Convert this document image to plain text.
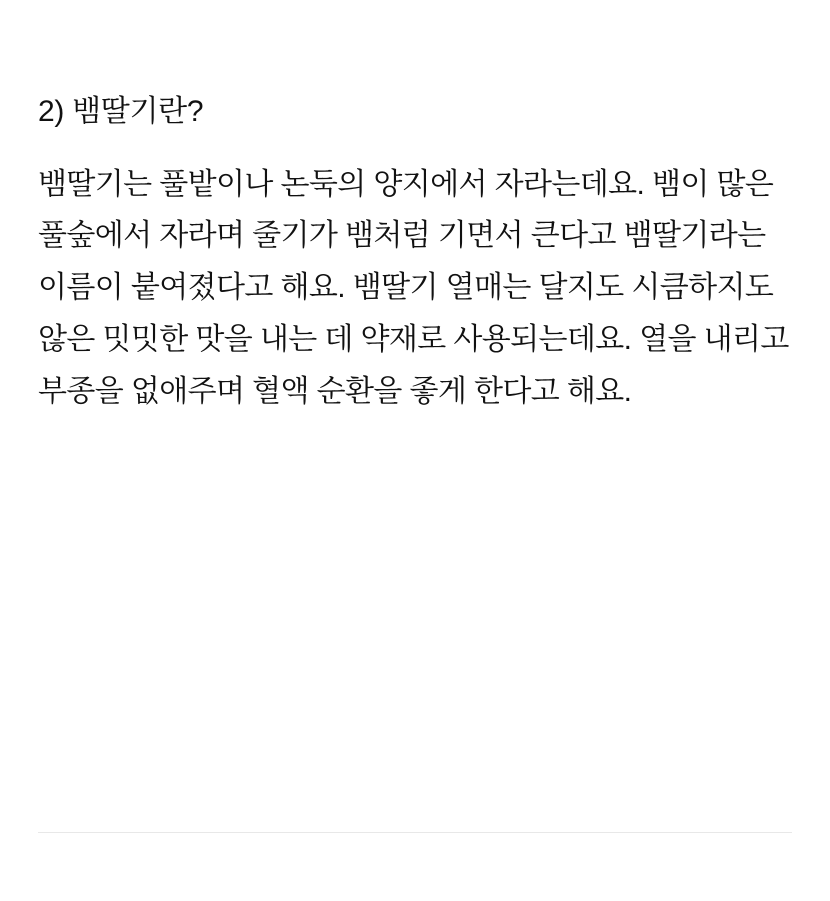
2) 뱀딸기란?

뱀딸기는 풀밭이나 논둑의 양지에서 자라는데요. 뱀이 많은 풀숲에서 자라며 줄기가 뱀처럼 기면서 큰다고 뱀딸기라는 이름이 붙여졌다고 해요. 뱀딸기 열매는 달지도 시큼하지도 않은 밋밋한 맛을 내는 데 약재로 사용되는데요. 열을 내리고 부종을 없애주며 혈액 순환을 좋게 한다고 해요.
